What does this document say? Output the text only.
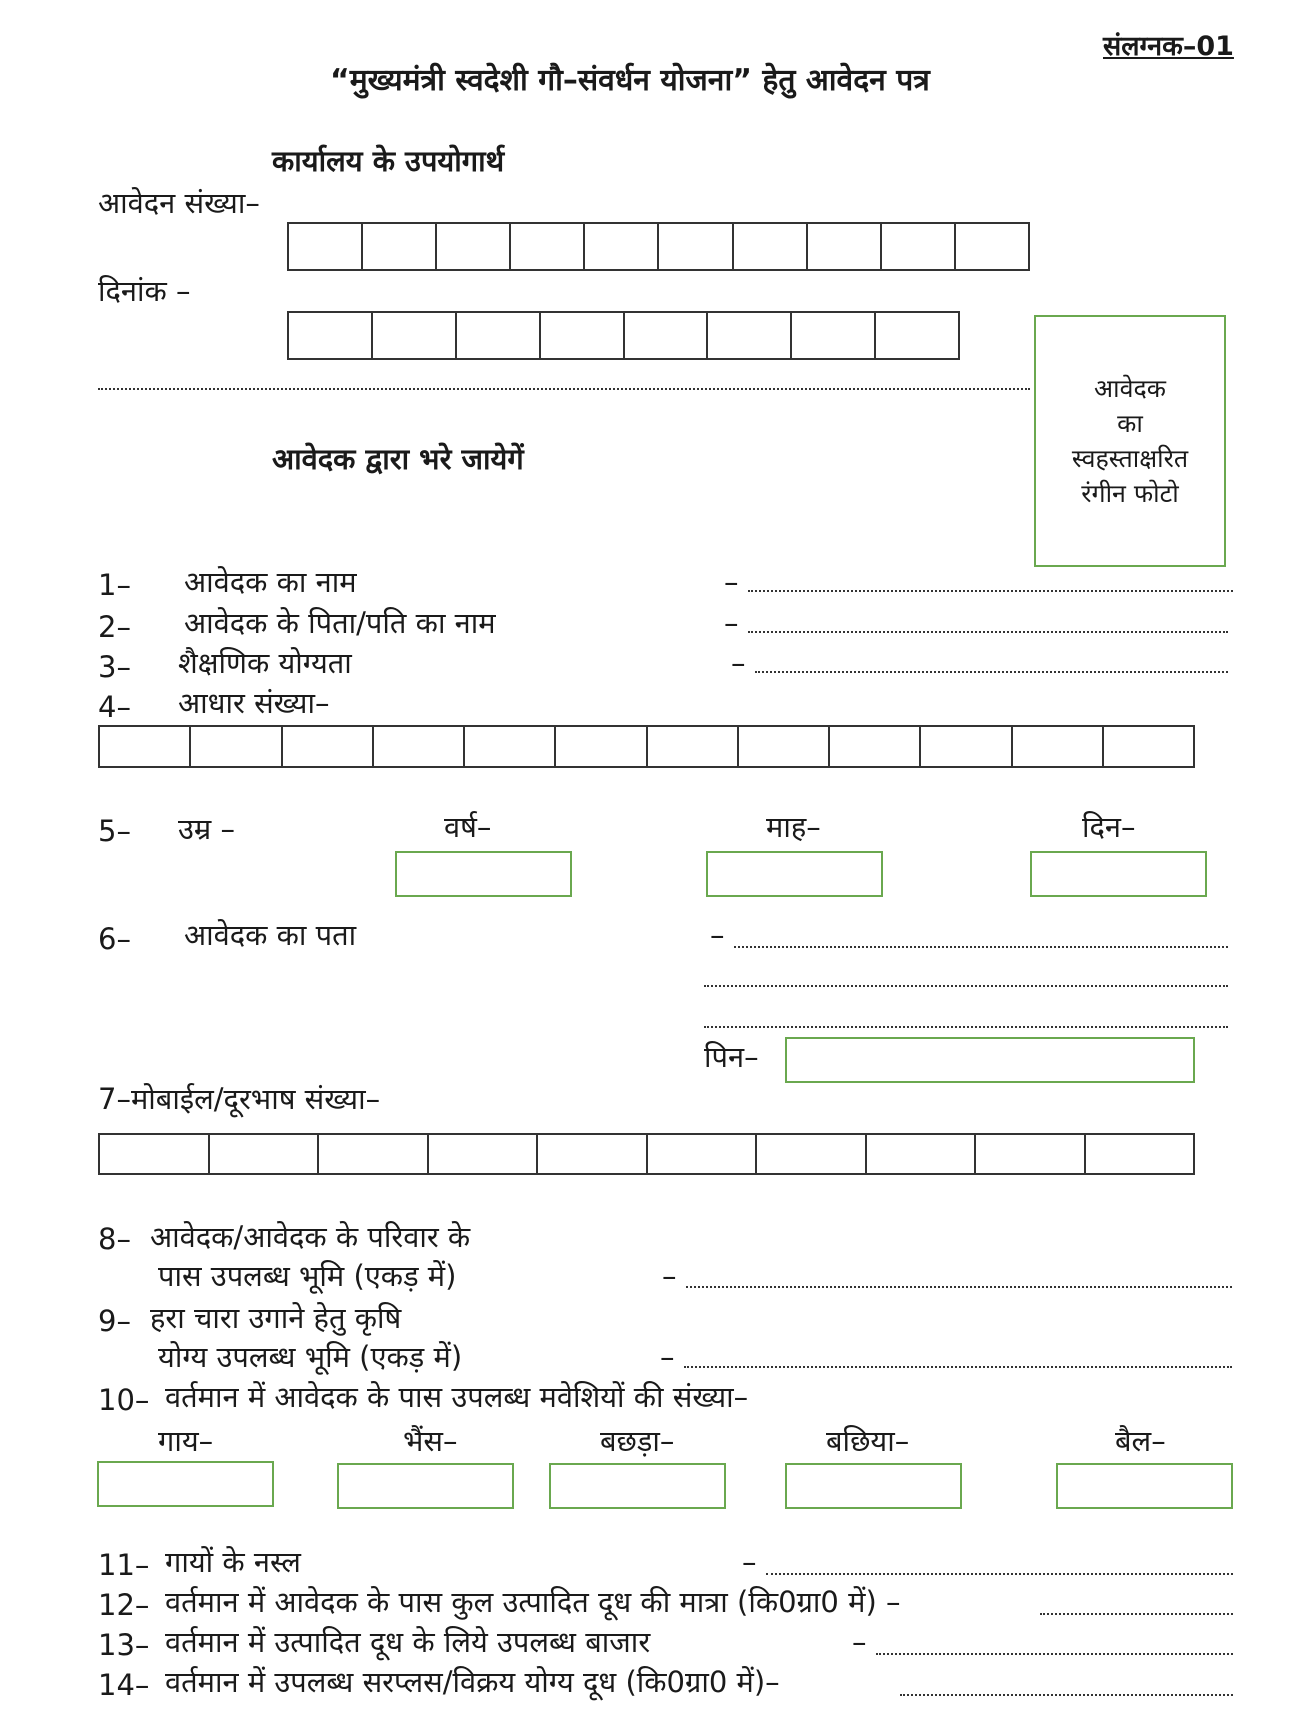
संलग्नक–01
“मुख्यमंत्री स्वदेशी गौ–संवर्धन योजना” हेतु आवेदन पत्र
कार्यालय के उपयोगार्थ
आवेदन संख्या–
दिनांक –
आवेदक
का
स्वहस्ताक्षरित
रंगीन फोटो
आवेदक द्वारा भरे जायेगें
1– आवेदक का नाम	–
2– आवेदक के पिता/पति का नाम	–
3– शैक्षणिक योग्यता	–
4– आधार संख्या–
5– उम्र –	वर्ष–	माह–	दिन–
6– आवेदक का पता	–
पिन–
7–मोबाईल/दूरभाष संख्या–
8– आवेदक/आवेदक के परिवार के
पास उपलब्ध भूमि (एकड़ में)	–
9– हरा चारा उगाने हेतु कृषि
योग्य उपलब्ध भूमि (एकड़ में)	–
10– वर्तमान में आवेदक के पास उपलब्ध मवेशियों की संख्या–
गाय–	भैंस–	बछड़ा–	बछिया–	बैल–
11– गायों के नस्ल	–
12– वर्तमान में आवेदक के पास कुल उत्पादित दूध की मात्रा (कि0ग्रा0 में) –
13– वर्तमान में उत्पादित दूध के लिये उपलब्ध बाजार	–
14– वर्तमान में उपलब्ध सरप्लस/विक्रय योग्य दूध (कि0ग्रा0 में)–
